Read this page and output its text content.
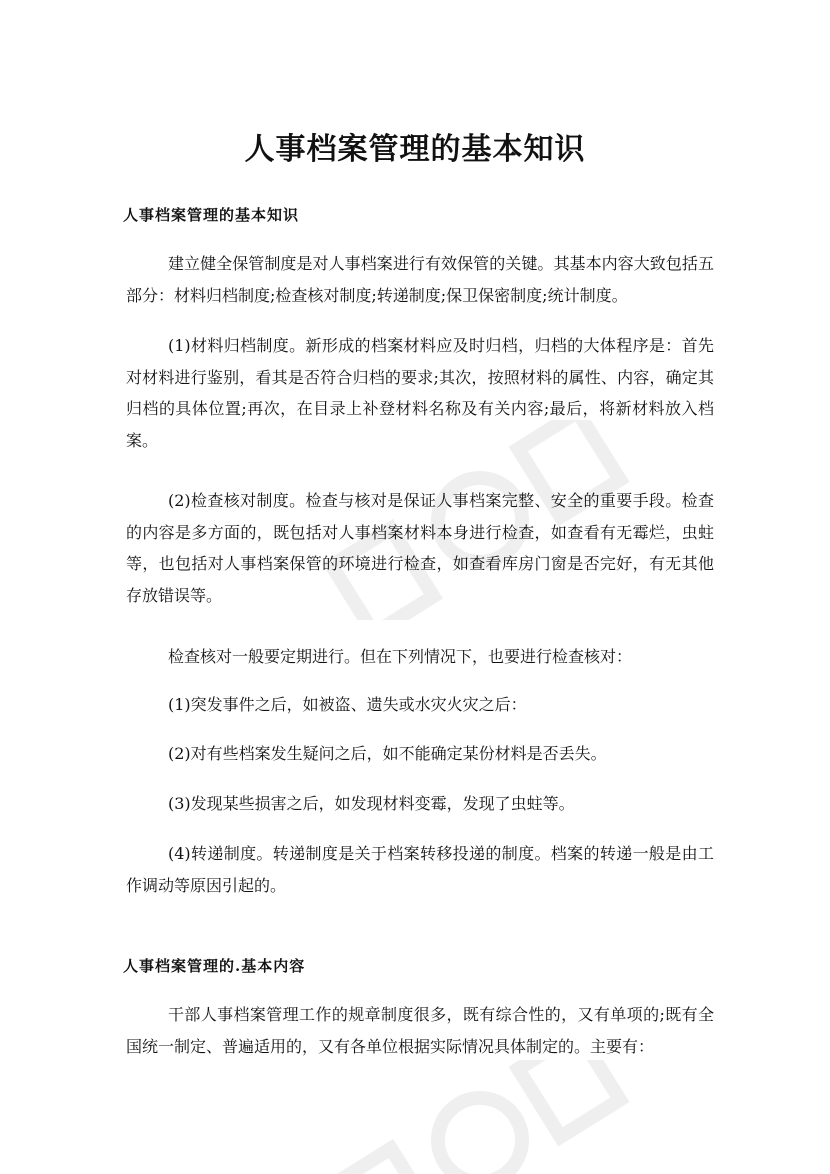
人事档案管理的基本知识
人事档案管理的基本知识

建立健全保管制度是对人事档案进行有效保管的关键。其基本内容大致包括五部分：材料归档制度;检查核对制度;转递制度;保卫保密制度;统计制度。

(1)材料归档制度。新形成的档案材料应及时归档，归档的大体程序是：首先对材料进行鉴别，看其是否符合归档的要求;其次，按照材料的属性、内容，确定其归档的具体位置;再次，在目录上补登材料名称及有关内容;最后，将新材料放入档案。

(2)检查核对制度。检查与核对是保证人事档案完整、安全的重要手段。检查的内容是多方面的，既包括对人事档案材料本身进行检查，如查看有无霉烂，虫蛀等，也包括对人事档案保管的环境进行检查，如查看库房门窗是否完好，有无其他存放错误等。

检查核对一般要定期进行。但在下列情况下，也要进行检查核对：

(1)突发事件之后，如被盗、遗失或水灾火灾之后：

(2)对有些档案发生疑问之后，如不能确定某份材料是否丢失。

(3)发现某些损害之后，如发现材料变霉，发现了虫蛀等。

(4)转递制度。转递制度是关于档案转移投递的制度。档案的转递一般是由工作调动等原因引起的。

人事档案管理的.基本内容

干部人事档案管理工作的规章制度很多，既有综合性的，又有单项的;既有全国统一制定、普遍适用的，又有各单位根据实际情况具体制定的。主要有：
